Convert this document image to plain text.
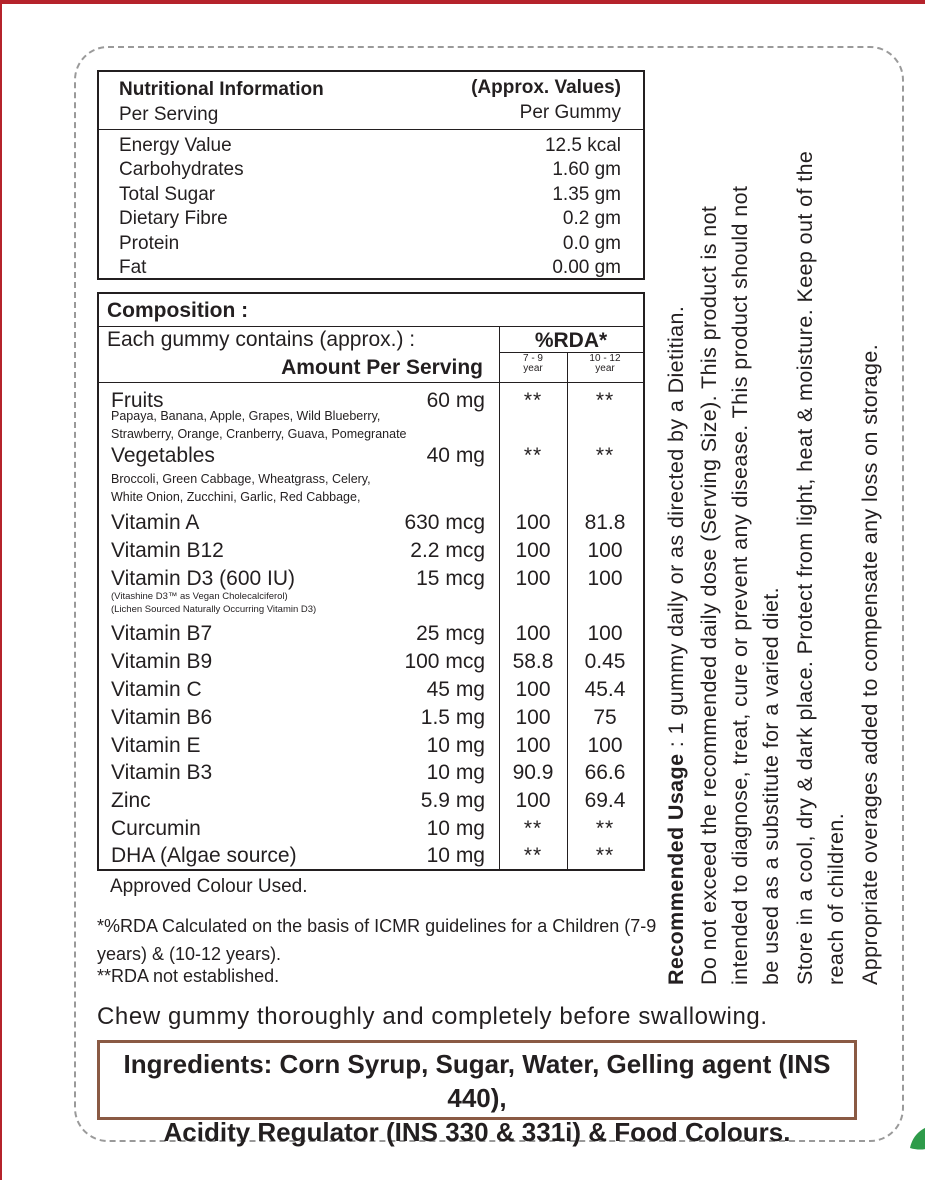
Nutritional Information
Per Serving
(Approx. Values)
Per Gummy
Energy Value	12.5 kcal
Carbohydrates	1.60 gm
Total Sugar	1.35 gm
Dietary Fibre	0.2 gm
Protein	0.0 gm
Fat	0.00 gm
Composition :
Each gummy contains (approx.) :	%RDA*
7 - 9
year
10 - 12
year
Amount Per Serving
Fruits	60 mg	**	**
Papaya, Banana, Apple, Grapes, Wild Blueberry,
Strawberry, Orange, Cranberry, Guava, Pomegranate
Vegetables	40 mg	**	**
Broccoli, Green Cabbage, Wheatgrass, Celery,
White Onion, Zucchini, Garlic, Red Cabbage,
Vitamin A	630 mcg	100	81.8
Vitamin B12	2.2 mcg	100	100
Vitamin D3 (600 IU)	15 mcg	100	100
(Vitashine D3™ as Vegan Cholecalciferol)
(Lichen Sourced Naturally Occurring Vitamin D3)
Vitamin B7	25 mcg	100	100
Vitamin B9	100 mcg	58.8	0.45
Vitamin C	45 mg	100	45.4
Vitamin B6	1.5 mg	100	75
Vitamin E	10 mg	100	100
Vitamin B3	10 mg	90.9	66.6
Zinc	5.9 mg	100	69.4
Curcumin	10 mg	**	**
DHA (Algae source)	10 mg	**	**
Approved Colour Used.
*%RDA Calculated on the basis of ICMR guidelines for a Children (7-9 years) & (10-12 years).
**RDA not established.
Chew gummy thoroughly and completely before swallowing.
Ingredients: Corn Syrup, Sugar, Water, Gelling agent (INS 440),
Acidity Regulator (INS 330 & 331i) & Food Colours.
Recommended Usage : 1 gummy daily or as directed by a Dietitian. Do not exceed the recommended daily dose (Serving Size). This product is not intended to diagnose, treat, cure or prevent any disease. This product should not be used as a substitute for a varied diet. Store in a cool, dry & dark place. Protect from light, heat & moisture. Keep out of the reach of children. Appropriate overages added to compensate any loss on storage.
